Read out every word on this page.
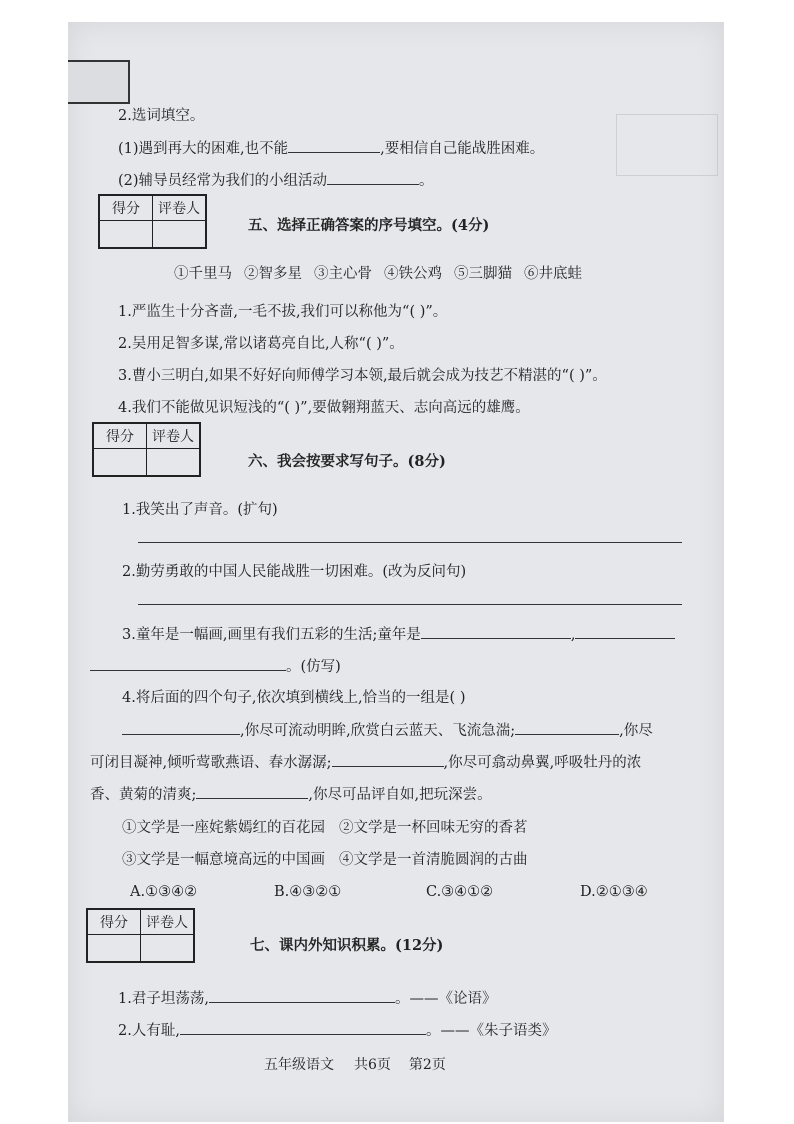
2.选词填空。
(1)遇到再大的困难,也不能	,要相信自己能战胜困难。
(2)辅导员经常为我们的小组活动	。
得分	评卷人

五、选择正确答案的序号填空。(4分)
①千里马 ②智多星 ③主心骨 ④铁公鸡 ⑤三脚猫 ⑥井底蛙
1.严监生十分吝啬,一毛不拔,我们可以称他为“( )”。
2.吴用足智多谋,常以诸葛亮自比,人称“( )”。
3.曹小三明白,如果不好好向师傅学习本领,最后就会成为技艺不精湛的“( )”。
4.我们不能做见识短浅的“( )”,要做翱翔蓝天、志向高远的雄鹰。
得分	评卷人

六、我会按要求写句子。(8分)
1.我笑出了声音。(扩句)
2.勤劳勇敢的中国人民能战胜一切困难。(改为反问句)
3.童年是一幅画,画里有我们五彩的生活;童年是	,
。(仿写)
4.将后面的四个句子,依次填到横线上,恰当的一组是( )
,你尽可流动明眸,欣赏白云蓝天、飞流急湍;	,你尽
可闭目凝神,倾听莺歌燕语、春水潺潺;	,你尽可翕动鼻翼,呼吸牡丹的浓
香、黄菊的清爽;	,你尽可品评自如,把玩深尝。
①文学是一座姹紫嫣红的百花园 ②文学是一杯回味无穷的香茗
③文学是一幅意境高远的中国画 ④文学是一首清脆圆润的古曲
A.①③④②	B.④③②①	C.③④①②	D.②①③④
得分	评卷人

七、课内外知识积累。(12分)
1.君子坦荡荡,	。——《论语》
2.人有耻,	。——《朱子语类》
五年级语文 共6页 第2页
